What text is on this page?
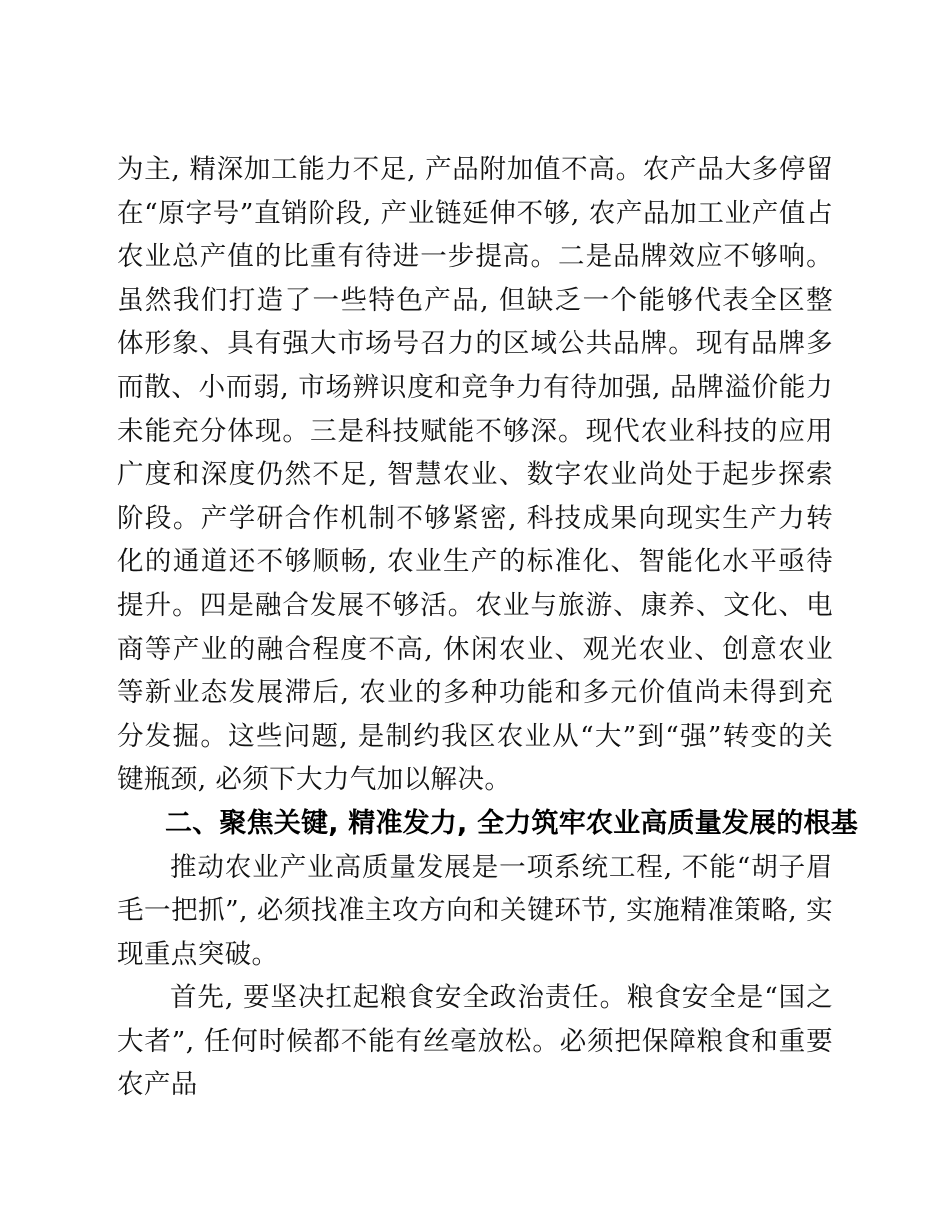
为主, 精深加工能力不足, 产品附加值不高。农产品大多停留在“原字号”直销阶段, 产业链延伸不够, 农产品加工业产值占农业总产值的比重有待进一步提高。二是品牌效应不够响。虽然我们打造了一些特色产品, 但缺乏一个能够代表全区整体形象、具有强大市场号召力的区域公共品牌。现有品牌多而散、小而弱, 市场辨识度和竞争力有待加强, 品牌溢价能力未能充分体现。三是科技赋能不够深。现代农业科技的应用广度和深度仍然不足, 智慧农业、数字农业尚处于起步探索阶段。产学研合作机制不够紧密, 科技成果向现实生产力转化的通道还不够顺畅, 农业生产的标准化、智能化水平亟待提升。四是融合发展不够活。农业与旅游、康养、文化、电商等产业的融合程度不高, 休闲农业、观光农业、创意农业等新业态发展滞后, 农业的多种功能和多元价值尚未得到充分发掘。这些问题, 是制约我区农业从“大”到“强”转变的关键瓶颈, 必须下大力气加以解决。

二、聚焦关键, 精准发力, 全力筑牢农业高质量发展的根基

推动农业产业高质量发展是一项系统工程, 不能“胡子眉毛一把抓”, 必须找准主攻方向和关键环节, 实施精准策略, 实现重点突破。

首先, 要坚决扛起粮食安全政治责任。粮食安全是“国之大者”, 任何时候都不能有丝毫放松。必须把保障粮食和重要农产品
